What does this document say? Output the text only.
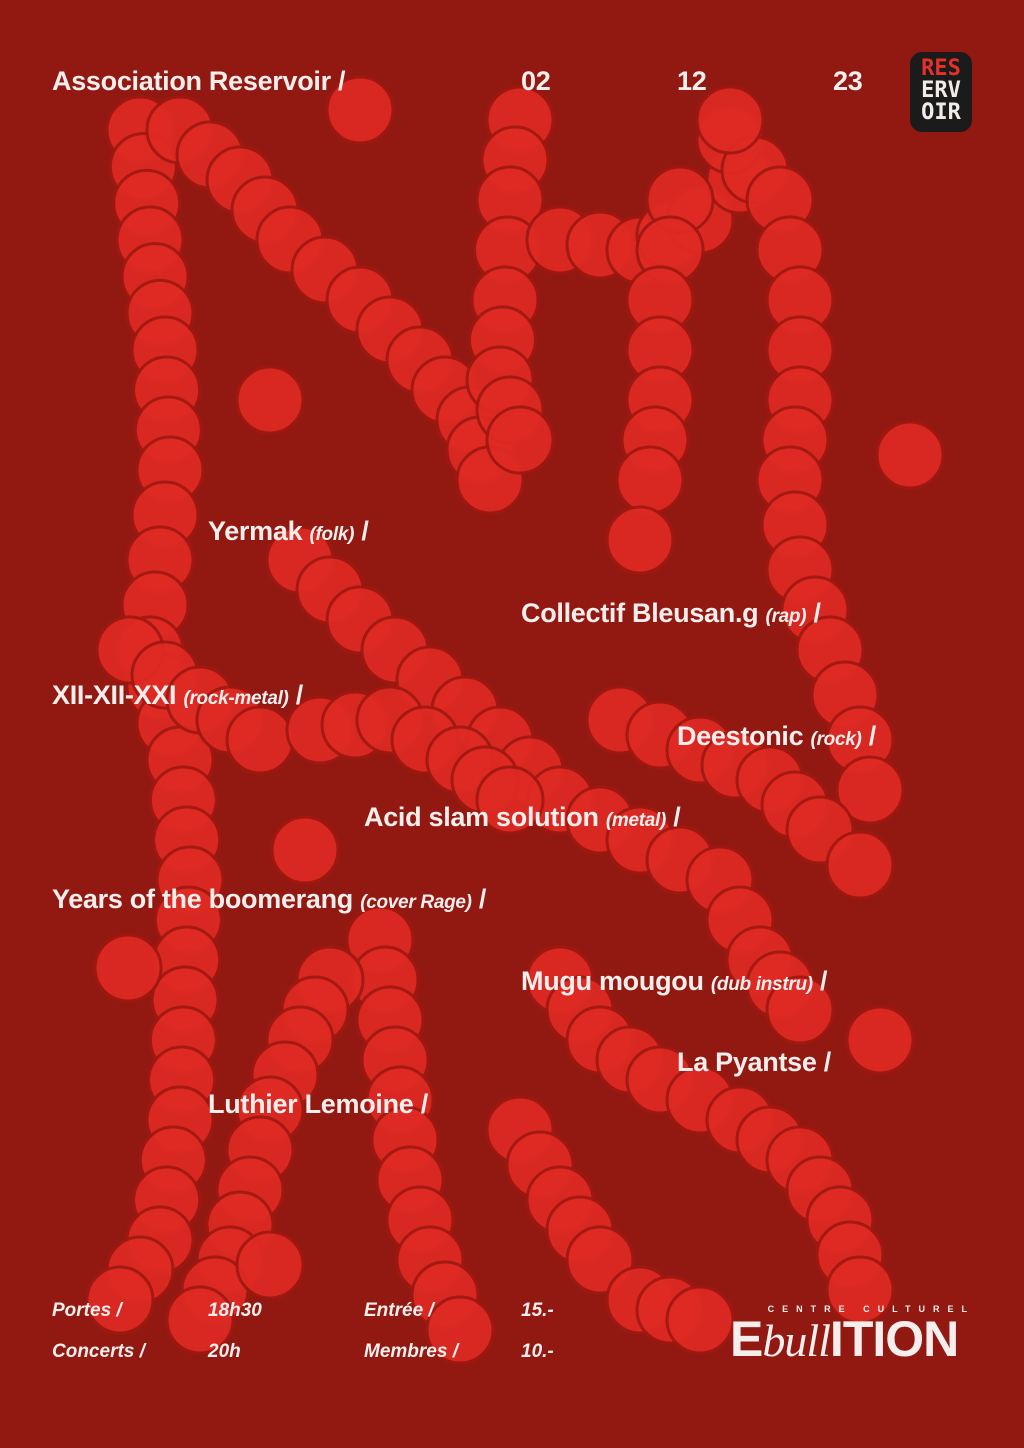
Association Reservoir /	02	12	23	RES
ERV
OIR
Yermak (folk) /
Collectif Bleusan.g (rap) /
XII-XII-XXI (rock-metal) /
Deestonic (rock) /
Acid slam solution (metal) /
Years of the boomerang (cover Rage) /
Mugu mougou (dub instru) /
La Pyantse /
Luthier Lemoine /
Portes /	18h30	Entrée /	15.-
Concerts /	20h	Membres /	10.-
CENTRE CULTUREL
EbullITION
